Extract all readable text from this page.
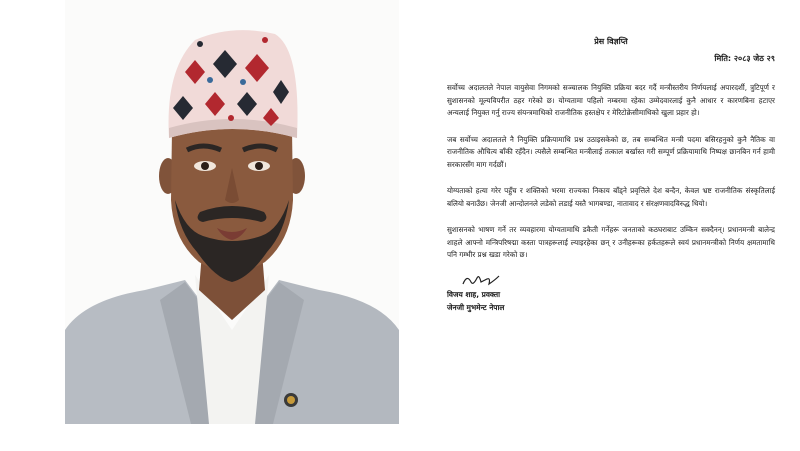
प्रेस विज्ञप्ति
मिति: २०८३ जेठ २९

सर्वोच्च अदालतले नेपाल वायुसेवा निगमको सञ्चालक नियुक्ति प्रक्रिया बदर गर्दै मन्त्रीस्तरीय निर्णयलाई अपारदर्शी, त्रुटिपूर्ण र सुशासनको मूल्यविपरीत ठहर गरेको छ। योग्यतामा पहिलो नम्बरमा रहेका उम्मेदवारलाई कुनै आधार र कारणबिना हटाएर अन्यलाई नियुक्त गर्नु राज्य संयन्त्रमाथिको राजनीतिक हस्तक्षेप र मेरिटोक्रेसीमाथिको खुला प्रहार हो।

जब सर्वोच्च अदालतले नै नियुक्ति प्रक्रियामाथि प्रश्न उठाइसकेको छ, तब सम्बन्धित मन्त्री पदमा बसिरहनुको कुनै नैतिक वा राजनीतिक औचित्य बाँकी रहँदैन। त्यसैले सम्बन्धित मन्त्रीलाई तत्काल बर्खास्त गरी सम्पूर्ण प्रक्रियामाथि निष्पक्ष छानबिन गर्न हामी सरकारसँग माग गर्दछौं।

योग्यताको हत्या गरेर पहुँच र शक्तिको भरमा राज्यका निकाय बाँड्ने प्रवृत्तिले देश बन्दैन, केवल भ्रष्ट राजनीतिक संस्कृतिलाई बलियो बनाउँछ। जेनजी आन्दोलनले लडेको लडाई यस्तै भागबण्डा, नातावाद र संरक्षणवादविरुद्ध थियो।

सुशासनको भाषण गर्ने तर व्यवहारमा योग्यतामाथि डकैती गर्नेहरू जनताको कठघराबाट उम्किन सक्दैनन्। प्रधानमन्त्री बालेन्द्र शाहले आफ्नो मन्त्रिपरिषद्मा कस्ता पात्रहरूलाई ल्याइरहेका छन् र उनीहरूका हर्कतहरूले स्वयं प्रधानमन्त्रीको निर्णय क्षमतामाथि पनि गम्भीर प्रश्न खडा गरेको छ।

विजय शाह, प्रवक्ता
जेनजी मुभमेन्ट नेपाल
